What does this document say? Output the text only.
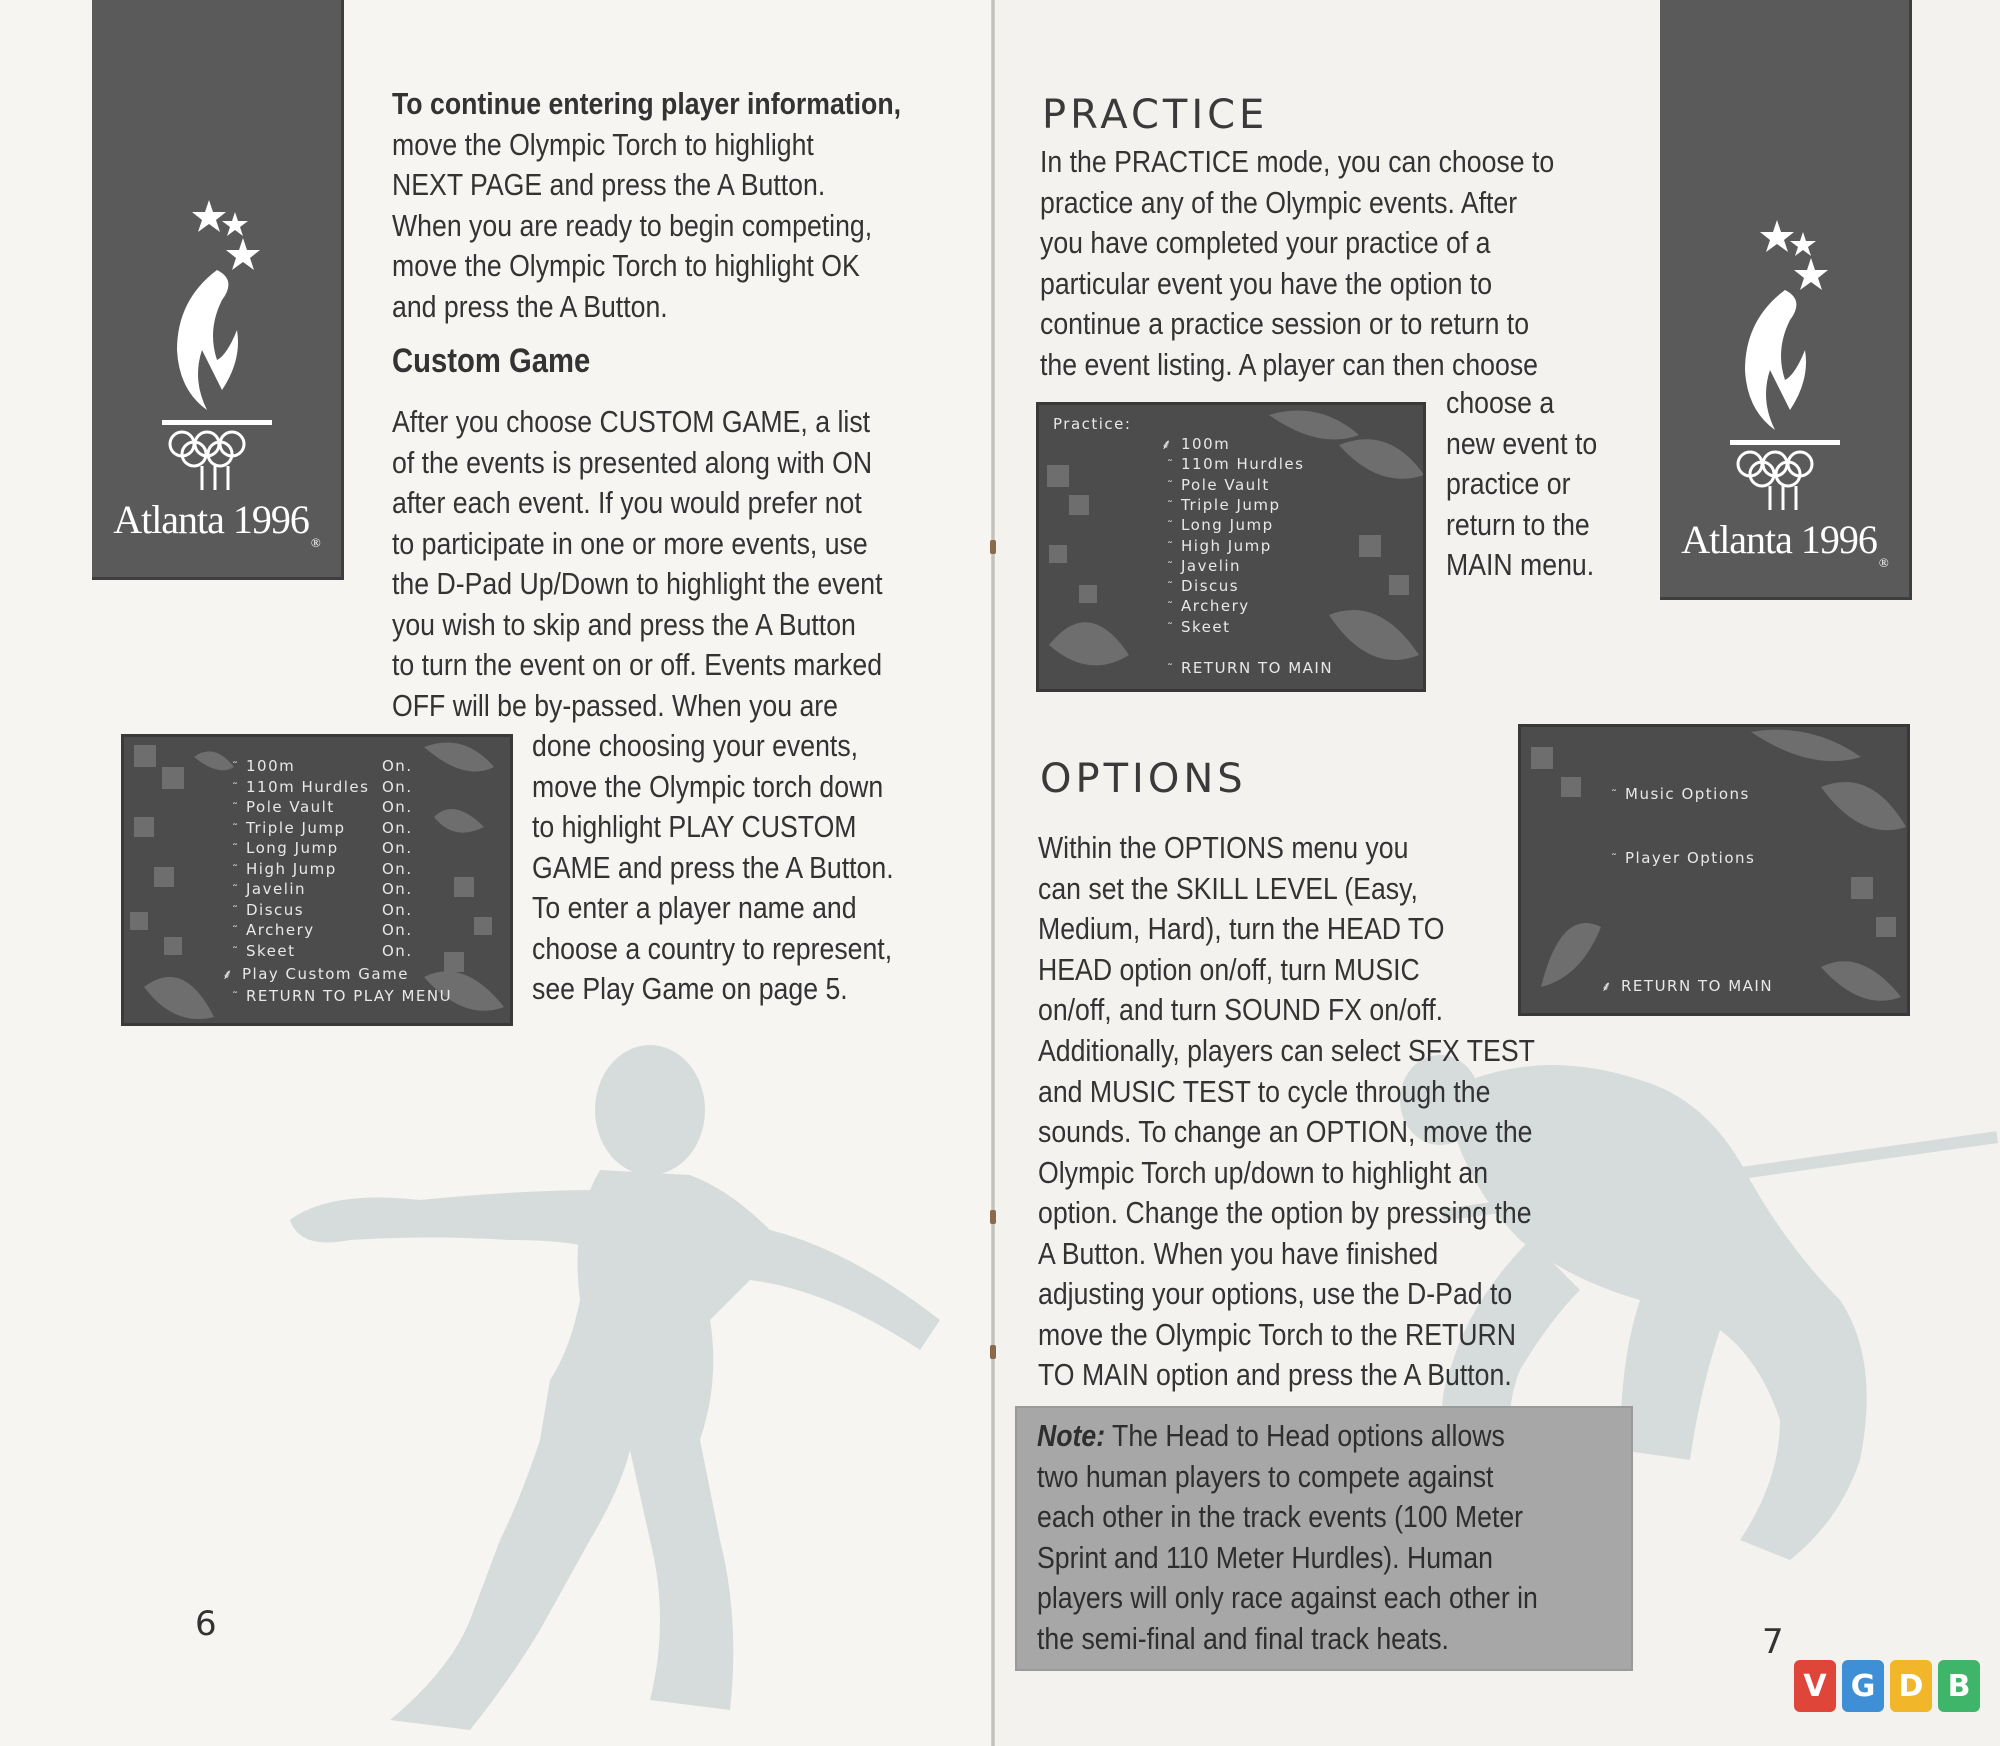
Atlanta $1996_®$
To continue entering player information,
move the Olympic Torch to highlight
NEXT PAGE and press the A Button.
When you are ready to begin competing,
move the Olympic Torch to highlight OK
and press the A Button.
Custom Game
After you choose CUSTOM GAME, a list
of the events is presented along with ON
after each event. If you would prefer not
to participate in one or more events, use
the D-Pad Up/Down to highlight the event
you wish to skip and press the A Button
to turn the event on or off. Events marked
OFF will be by-passed. When you are
done choosing your events,
move the Olympic torch down
to highlight PLAY CUSTOM
GAME and press the A Button.
To enter a player name and
choose a country to represent,
see Play Game on page 5.
˜ 100m	On.
˜ 110m Hurdles On.
˜ Pole Vault	On.
˜ Triple Jump On.
˜ Long Jump	On.
˜ High Jump	On.
˜ Javelin	On.
˜ Discus	On.
˜ Archery	On.
˜ Skeet	On.
⸙ Play Custom Game
˜ RETURN TO PLAY MENU
6
Atlanta $1996_®$
PRACTICE
In the PRACTICE mode, you can choose to
practice any of the Olympic events. After
you have completed your practice of a
particular event you have the option to
continue a practice session or to return to
the event listing. A player can then choose
choose a
new event to
practice or
return to the
MAIN menu.
Practice:
⸙ 100m
˜ 110m Hurdles
˜ Pole Vault
˜ Triple Jump
˜ Long Jump
˜ High Jump
˜ Javelin
˜ Discus
˜ Archery
˜ Skeet
˜ RETURN TO MAIN
OPTIONS
Within the OPTIONS menu you
can set the SKILL LEVEL (Easy,
Medium, Hard), turn the HEAD TO
HEAD option on/off, turn MUSIC
on/off, and turn SOUND FX on/off.
Additionally, players can select SFX TEST
and MUSIC TEST to cycle through the
sounds. To change an OPTION, move the
Olympic Torch up/down to highlight an
option. Change the option by pressing the
A Button. When you have finished
adjusting your options, use the D-Pad to
move the Olympic Torch to the RETURN
TO MAIN option and press the A Button.
˜ Music Options
˜ Player Options
⸙ RETURN TO MAIN
Note: The Head to Head options allows
two human players to compete against
each other in the track events (100 Meter
Sprint and 110 Meter Hurdles). Human
players will only race against each other in
the semi-final and final track heats.	7
V G D B
